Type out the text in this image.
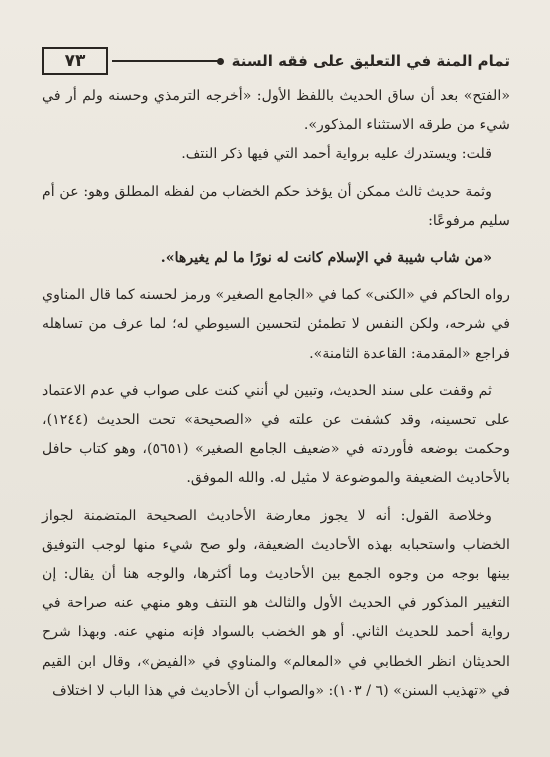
٧٣	تمام المنة في التعليق على فقه السنة

«الفتح» بعد أن ساق الحديث باللفظ الأول: «أخرجه الترمذي وحسنه ولم أر في شيء من طرقه الاستثناء المذكور».

قلت: ويستدرك عليه برواية أحمد التي فيها ذكر النتف.

وثمة حديث ثالث ممكن أن يؤخذ حكم الخضاب من لفظه المطلق وهو: عن أم سليم مرفوعًا:

«من شاب شيبة في الإسلام كانت له نورًا ما لم يغيرها».

رواه الحاكم في «الكنى» كما في «الجامع الصغير» ورمز لحسنه كما قال المناوي في شرحه، ولكن النفس لا تطمئن لتحسين السيوطي له؛ لما عرف من تساهله فراجع «المقدمة: القاعدة الثامنة».

ثم وقفت على سند الحديث، وتبين لي أنني كنت على صواب في عدم الاعتماد على تحسينه، وقد كشفت عن علته في «الصحيحة» تحت الحديث (١٢٤٤)، وحكمت بوضعه فأوردته في «ضعيف الجامع الصغير» (٥٦٥١)، وهو كتاب حافل بالأحاديث الضعيفة والموضوعة لا مثيل له. والله الموفق.

وخلاصة القول: أنه لا يجوز معارضة الأحاديث الصحيحة المتضمنة لجواز الخضاب واستحبابه بهذه الأحاديث الضعيفة، ولو صح شيء منها لوجب التوفيق بينها بوجه من وجوه الجمع بين الأحاديث وما أكثرها، والوجه هنا أن يقال: إن التغيير المذكور في الحديث الأول والثالث هو النتف وهو منهي عنه صراحة في رواية أحمد للحديث الثاني. أو هو الخضب بالسواد فإنه منهي عنه. وبهذا شرح الحديثان انظر الخطابي في «المعالم» والمناوي في «الفيض»، وقال ابن القيم في «تهذيب السنن» (٦ / ١٠٣): «والصواب أن الأحاديث في هذا الباب لا اختلاف
